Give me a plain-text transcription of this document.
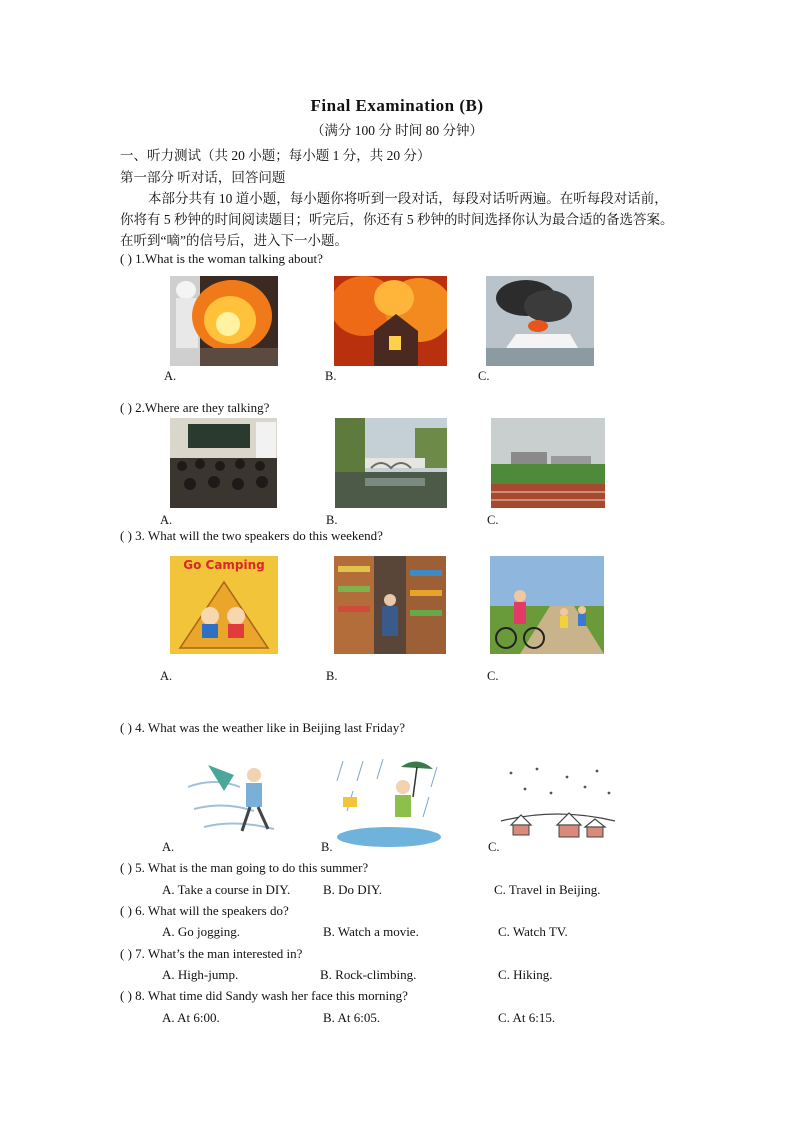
Final Examination (B)
（满分 100 分 时间 80 分钟）
一、听力测试（共 20 小题；每小题 1 分，共 20 分）
第一部分 听对话，回答问题
本部分共有 10 道小题，每小题你将听到一段对话，每段对话听两遍。在听每段对话前，
你将有 5 秒钟的时间阅读题目；听完后，你还有 5 秒钟的时间选择你认为最合适的备选答案。
在听到“嘀”的信号后，进入下一小题。
( ) 1.What is the woman talking about?
A.	B.	C.
( ) 2.Where are they talking?
A.	B.	C.
( ) 3. What will the two speakers do this weekend?
Go Camping
A.	B.	C.
( ) 4. What was the weather like in Beijing last Friday?
A.	B.	C.
( ) 5. What is the man going to do this summer?
A. Take a course in DIY.	B. Do DIY.	C. Travel in Beijing.
( ) 6. What will the speakers do?
A. Go jogging.	B. Watch a movie.	C. Watch TV.
( ) 7. What’s the man interested in?
A. High-jump.	B. Rock-climbing.	C. Hiking.
( ) 8. What time did Sandy wash her face this morning?
A. At 6:00.	B. At 6:05.	C. At 6:15.
